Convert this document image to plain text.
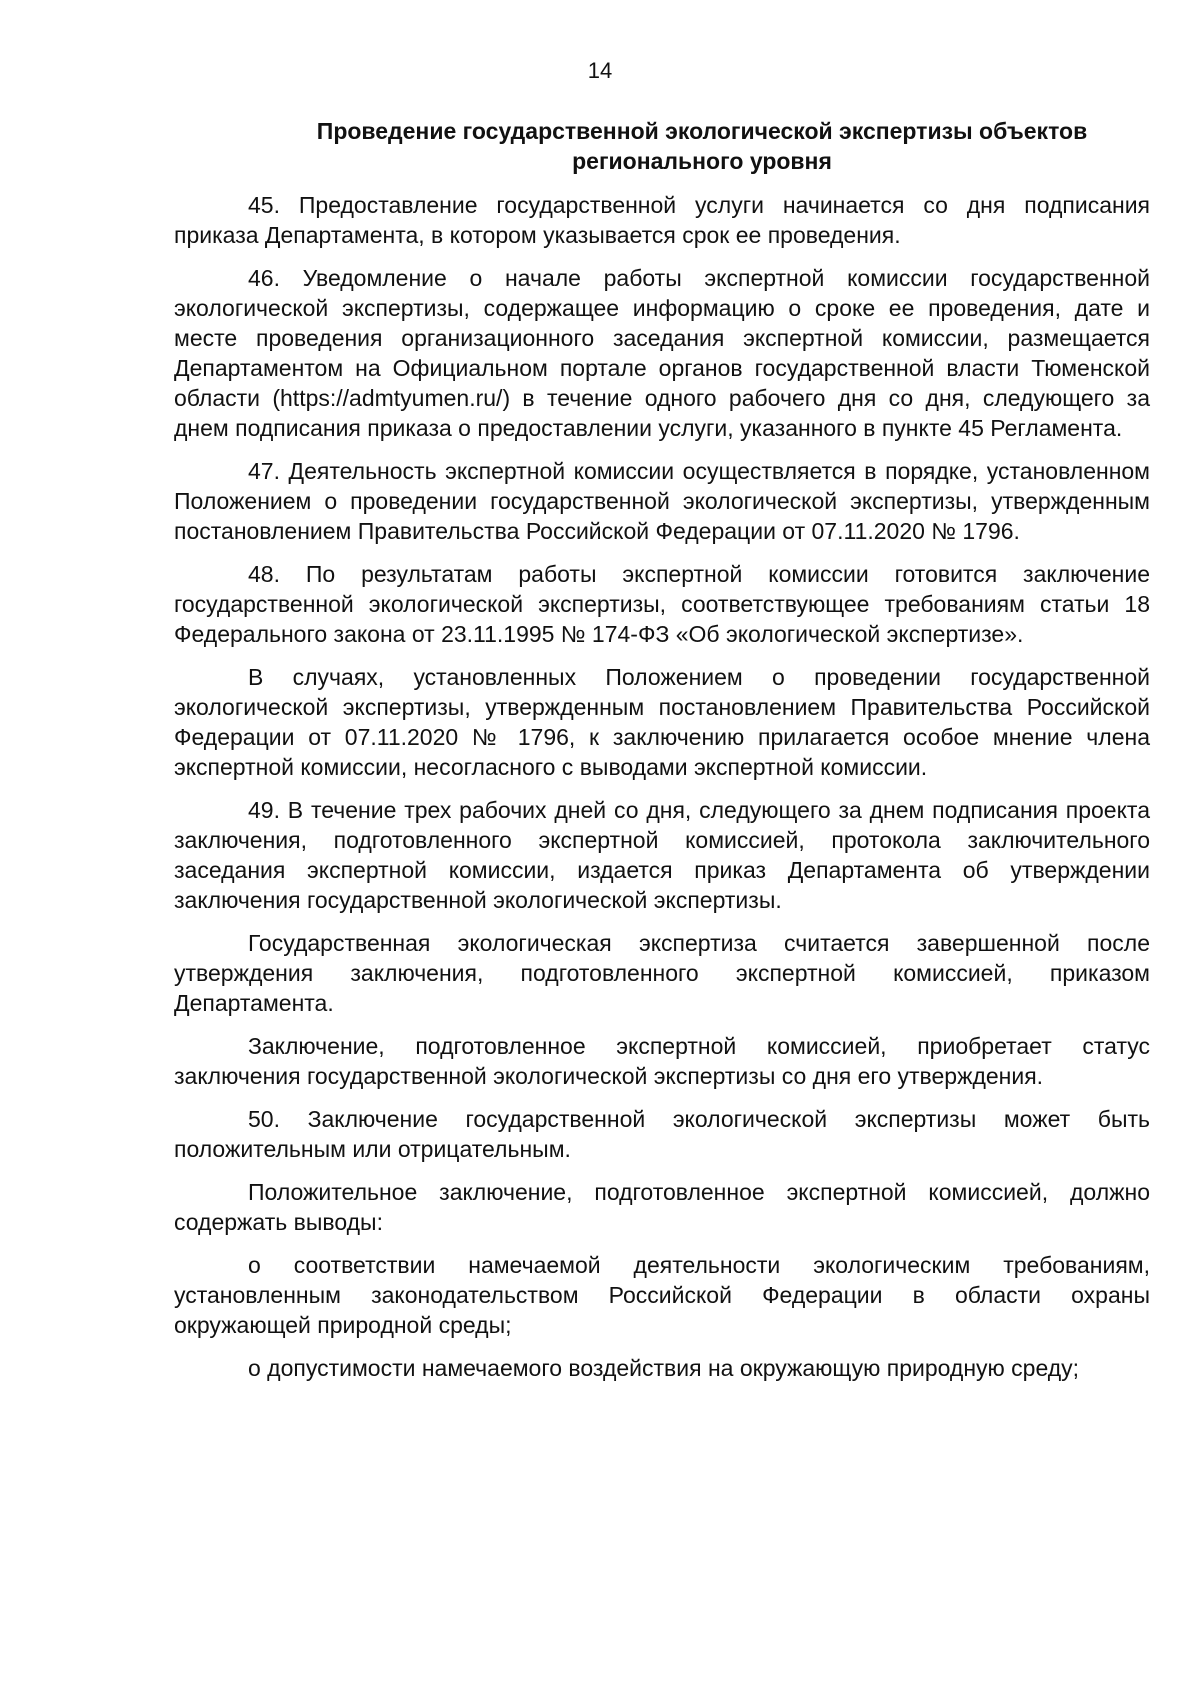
14
Проведение государственной экологической экспертизы объектов регионального уровня

45. Предоставление государственной услуги начинается со дня подписания приказа Департамента, в котором указывается срок ее проведения.

46. Уведомление о начале работы экспертной комиссии государственной экологической экспертизы, содержащее информацию о сроке ее проведения, дате и месте проведения организационного заседания экспертной комиссии, размещается Департаментом на Официальном портале органов государственной власти Тюменской области (https://admtyumen.ru/) в течение одного рабочего дня со дня, следующего за днем подписания приказа о предоставлении услуги, указанного в пункте 45 Регламента.

47. Деятельность экспертной комиссии осуществляется в порядке, установленном Положением о проведении государственной экологической экспертизы, утвержденным постановлением Правительства Российской Федерации от 07.11.2020 № 1796.

48. По результатам работы экспертной комиссии готовится заключение государственной экологической экспертизы, соответствующее требованиям статьи 18 Федерального закона от 23.11.1995 № 174-ФЗ «Об экологической экспертизе».

В случаях, установленных Положением о проведении государственной экологической экспертизы, утвержденным постановлением Правительства Российской Федерации от 07.11.2020 № 1796, к заключению прилагается особое мнение члена экспертной комиссии, несогласного с выводами экспертной комиссии.

49. В течение трех рабочих дней со дня, следующего за днем подписания проекта заключения, подготовленного экспертной комиссией, протокола заключительного заседания экспертной комиссии, издается приказ Департамента об утверждении заключения государственной экологической экспертизы.

Государственная экологическая экспертиза считается завершенной после утверждения заключения, подготовленного экспертной комиссией, приказом Департамента.

Заключение, подготовленное экспертной комиссией, приобретает статус заключения государственной экологической экспертизы со дня его утверждения.

50. Заключение государственной экологической экспертизы может быть положительным или отрицательным.

Положительное заключение, подготовленное экспертной комиссией, должно содержать выводы:

о соответствии намечаемой деятельности экологическим требованиям, установленным законодательством Российской Федерации в области охраны окружающей природной среды;

о допустимости намечаемого воздействия на окружающую природную среду;
